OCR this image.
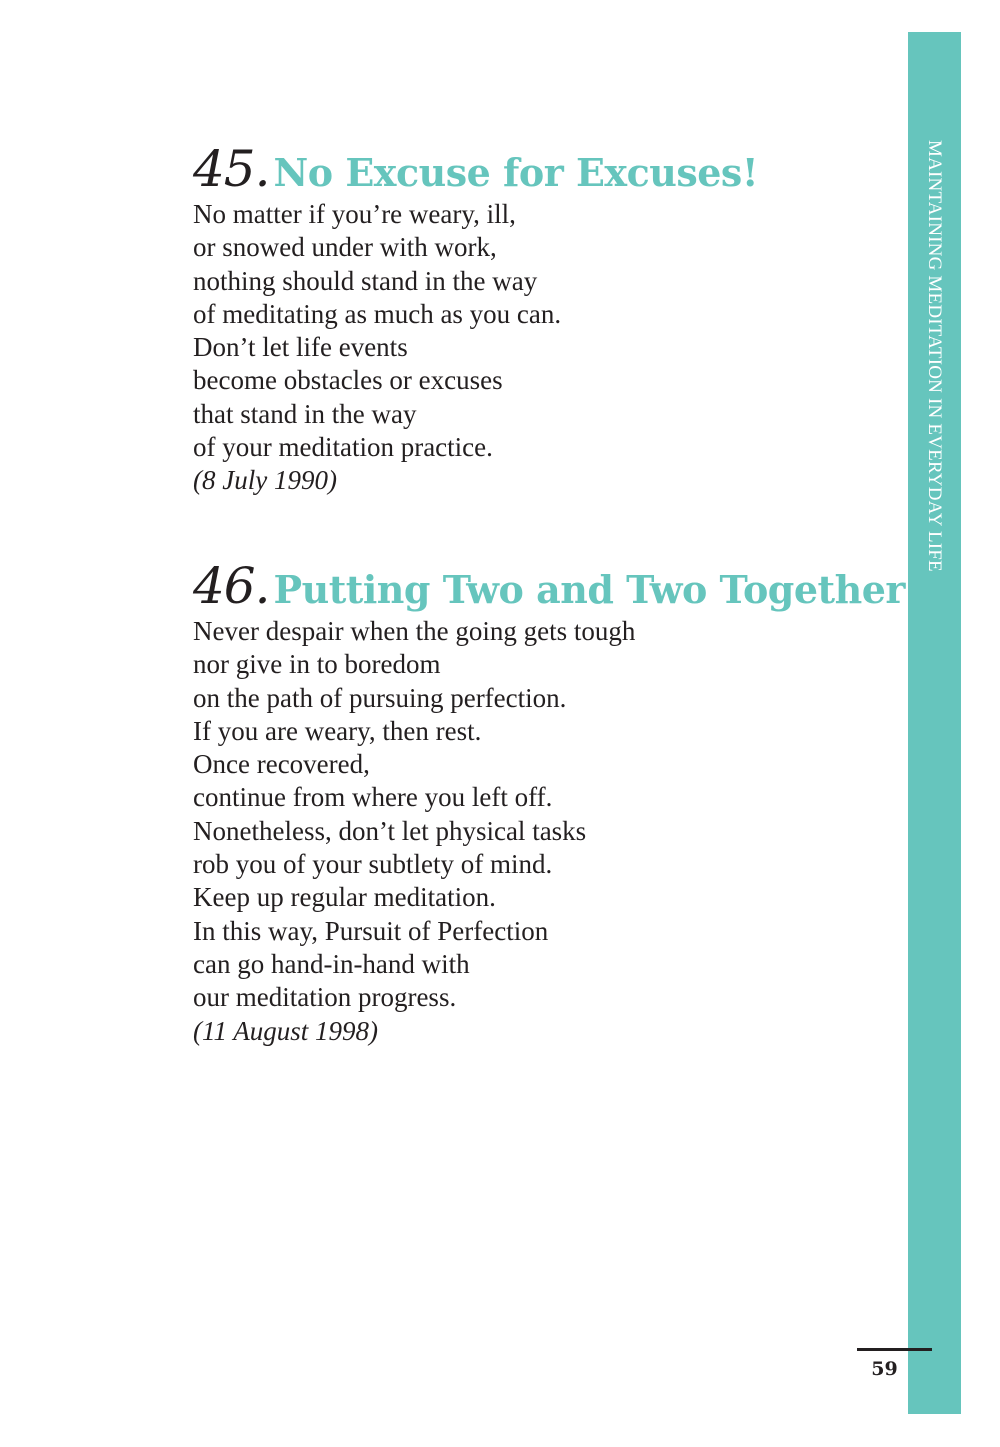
MAINTAINING MEDITATION IN EVERYDAY LIFE
45. No Excuse for Excuses!
No matter if you’re weary, ill,
or snowed under with work,
nothing should stand in the way
of meditating as much as you can.
Don’t let life events
become obstacles or excuses
that stand in the way
of your meditation practice.
(8 July 1990)
46. Putting Two and Two Together
Never despair when the going gets tough
nor give in to boredom
on the path of pursuing perfection.
If you are weary, then rest.
Once recovered,
continue from where you left off.
Nonetheless, don’t let physical tasks
rob you of your subtlety of mind.
Keep up regular meditation.
In this way, Pursuit of Perfection
can go hand-in-hand with
our meditation progress.
(11 August 1998)
59
